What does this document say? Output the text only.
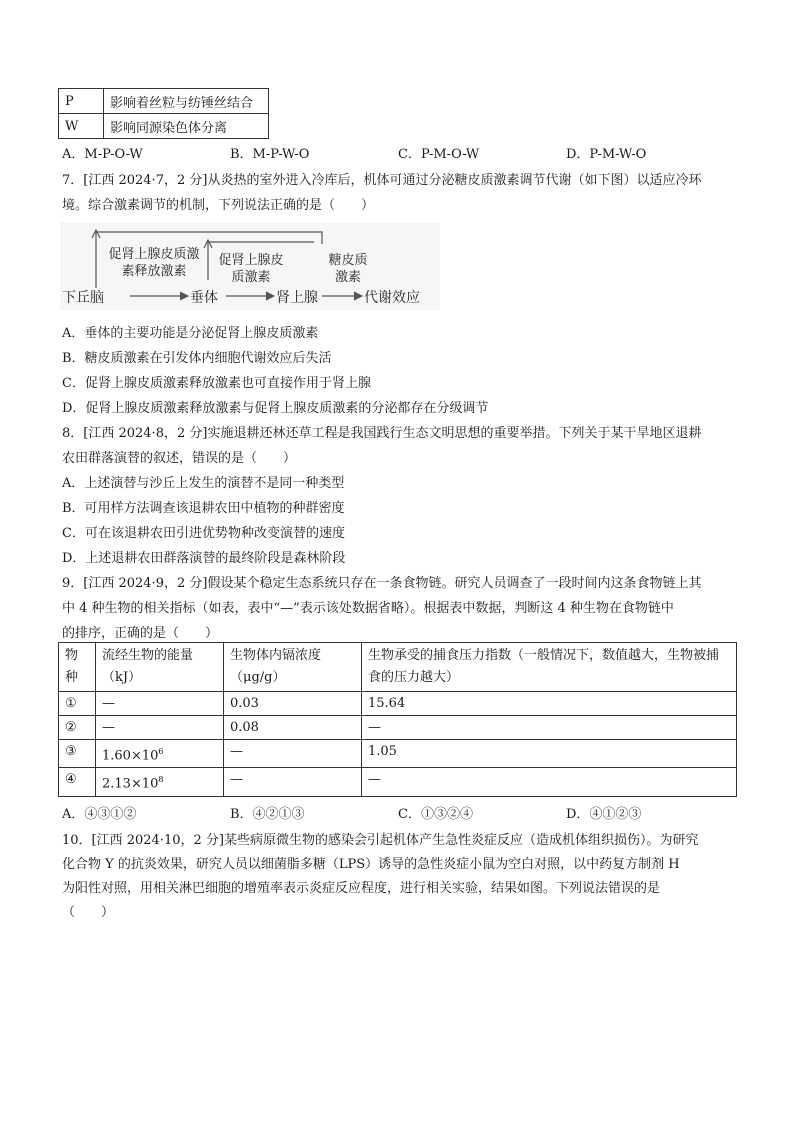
P	影响着丝粒与纺锤丝结合
W	影响同源染色体分离
A．M-P-O-W	B．M-P-W-O	C．P-M-O-W	D．P-M-W-O
7．[江西 2024·7，2 分]从炎热的室外进入冷库后，机体可通过分泌糖皮质激素调节代谢（如下图）以适应冷环
境。综合激素调节的机制，下列说法正确的是（　　）
促肾上腺皮质激
素释放激素
促肾上腺皮
质激素
糖皮质
激素
下丘脑	垂体	肾上腺	代谢效应
A．垂体的主要功能是分泌促肾上腺皮质激素
B．糖皮质激素在引发体内细胞代谢效应后失活
C．促肾上腺皮质激素释放激素也可直接作用于肾上腺
D．促肾上腺皮质激素释放激素与促肾上腺皮质激素的分泌都存在分级调节
8．[江西 2024·8，2 分]实施退耕还林还草工程是我国践行生态文明思想的重要举措。下列关于某干旱地区退耕
农田群落演替的叙述，错误的是（　　）
A．上述演替与沙丘上发生的演替不是同一种类型
B．可用样方法调查该退耕农田中植物的种群密度
C．可在该退耕农田引进优势物种改变演替的速度
D．上述退耕农田群落演替的最终阶段是森林阶段
9．[江西 2024·9，2 分]假设某个稳定生态系统只存在一条食物链。研究人员调查了一段时间内这条食物链上其
中 4 种生物的相关指标（如表，表中“—”表示该处数据省略）。根据表中数据，判断这 4 种生物在食物链中
的排序，正确的是（　　）
物种	流经生物的能量（kJ）	生物体内镉浓度（μg/g）	生物承受的捕食压力指数（一般情况下，数值越大，生物被捕食的压力越大）
①	—	0.03	15.64
②	—	0.08	—
③	$1.60\times 10^6$	—	1.05
④	$2.13\times 10^8$	—	—
A．④③①②	B．④②①③	C．①③②④	D．④①②③
10．[江西 2024·10，2 分]某些病原微生物的感染会引起机体产生急性炎症反应（造成机体组织损伤）。为研究
化合物 Y 的抗炎效果，研究人员以细菌脂多糖（LPS）诱导的急性炎症小鼠为空白对照，以中药复方制剂 H
为阳性对照，用相关淋巴细胞的增殖率表示炎症反应程度，进行相关实验，结果如图。下列说法错误的是
（　　）
